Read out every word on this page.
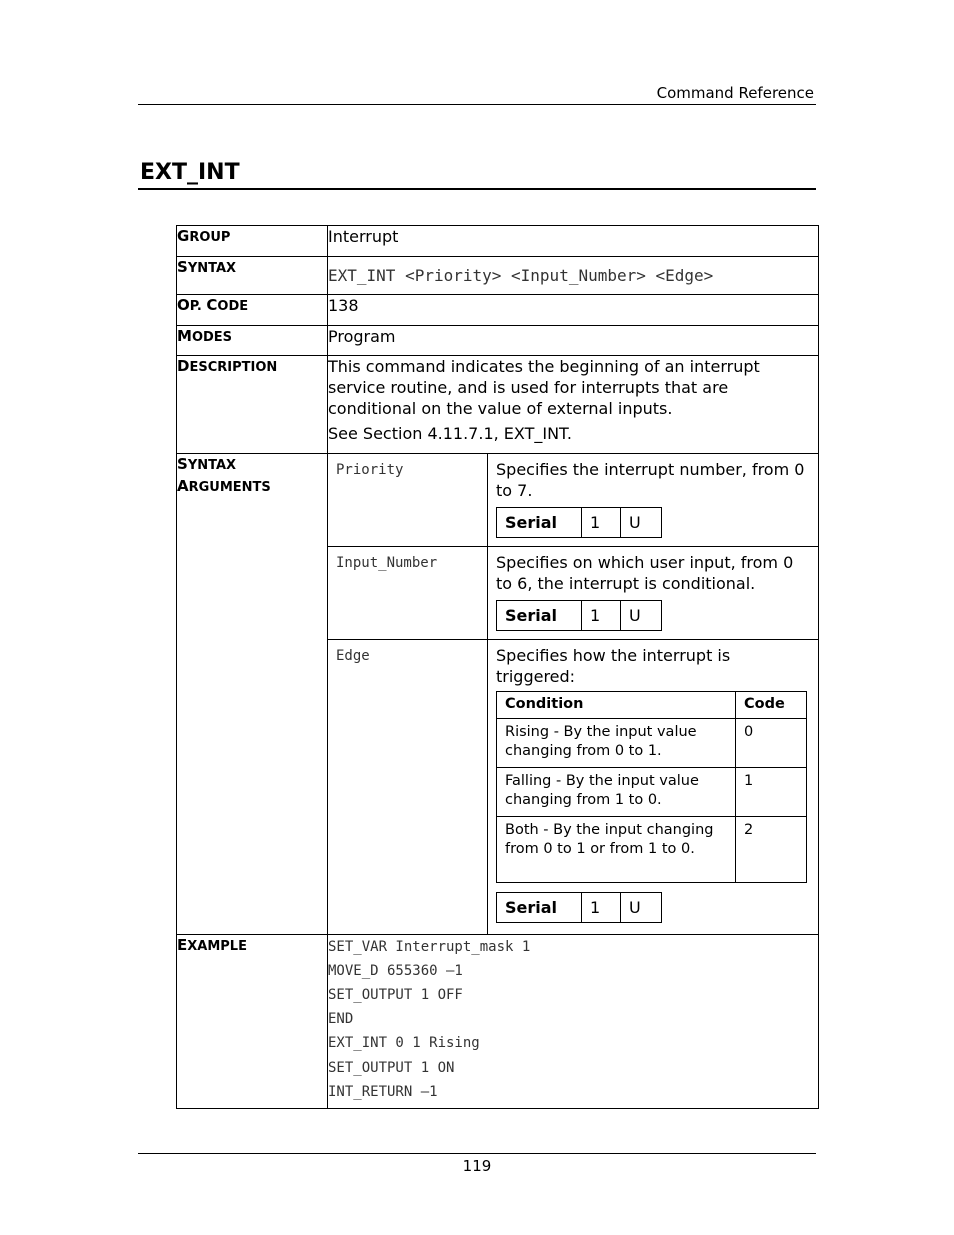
Command Reference
EXT_INT
GROUP	Interrupt
SYNTAX	EXT_INT <Priority> <Input_Number> <Edge>
OP. CODE	138
MODES	Program
DESCRIPTION	This command indicates the beginning of an interrupt service routine, and is used for interrupts that are conditional on the value of external inputs.
See Section 4.11.7.1, EXT_INT.

SYNTAX
ARGUMENTS

Priority	Specifies the interrupt number, from 0 to 7.
Serial	1	U

Input_Number	Specifies on which user input, from 0 to 6, the interrupt is conditional.
Serial	1	U

Edge	Specifies how the interrupt is triggered:
Condition	Code
Rising - By the input value changing from 0 to 1.	0
Falling - By the input value changing from 1 to 0.	1
Both - By the input changing from 0 to 1 or from 1 to 0.	2
Serial	1	U

EXAMPLE	SET_VAR Interrupt_mask 1
MOVE_D 655360 –1
SET_OUTPUT 1 OFF
END
EXT_INT 0 1 Rising
SET_OUTPUT 1 ON
INT_RETURN –1
119
